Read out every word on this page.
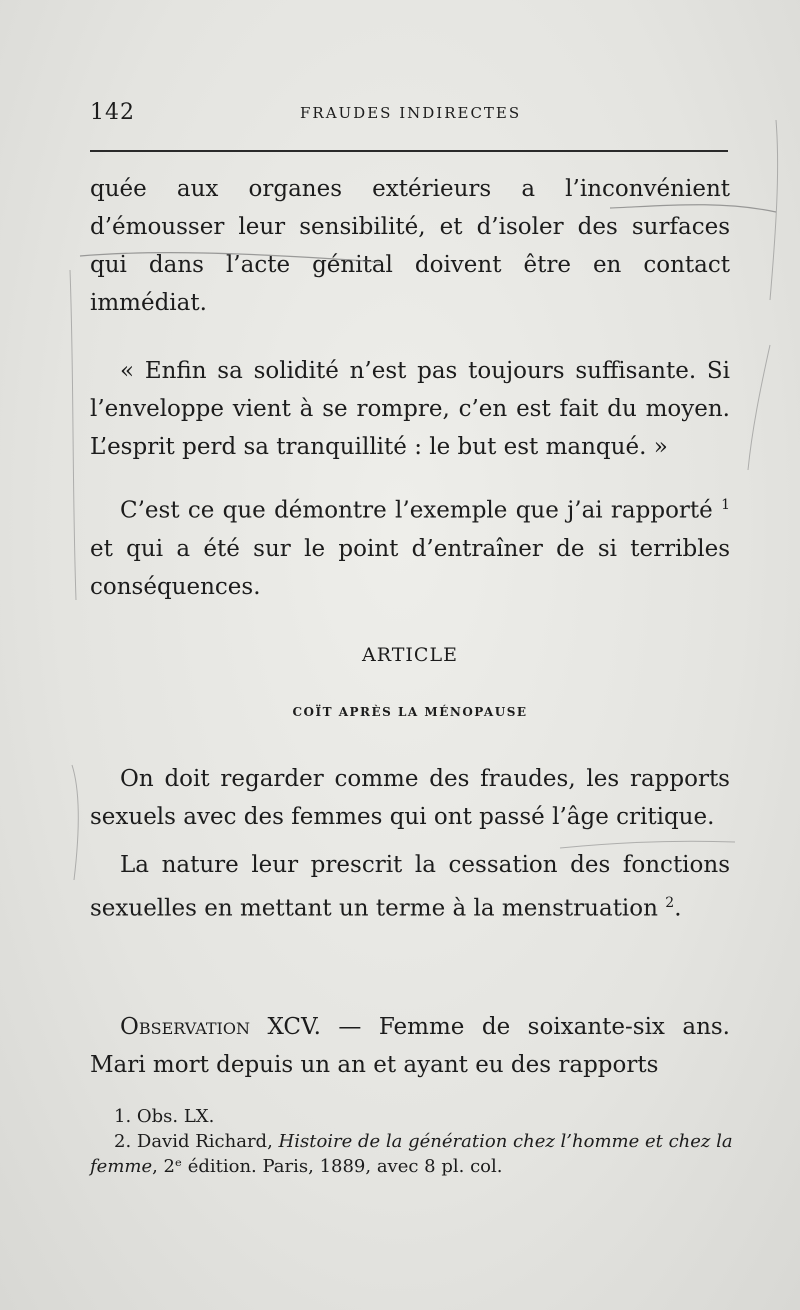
142	FRAUDES INDIRECTES

quée aux organes extérieurs a l’inconvénient d’émousser leur sensibilité, et d’isoler des surfaces qui dans l’acte génital doivent être en contact immédiat.

« Enfin sa solidité n’est pas toujours suffisante. Si l’enveloppe vient à se rompre, c’en est fait du moyen. L’esprit perd sa tranquillité : le but est manqué. »

C’est ce que démontre l’exemple que j’ai rapporté $^1$ et qui a été sur le point d’entraîner de si terribles conséquences.

ARTICLE
COÏT APRÈS LA MÉNOPAUSE

On doit regarder comme des fraudes, les rapports sexuels avec des femmes qui ont passé l’âge critique.

La nature leur prescrit la cessation des fonctions sexuelles en mettant un terme à la menstruation $^2$.

Observation XCV. — Femme de soixante-six ans. Mari mort depuis un an et ayant eu des rapports

1. Obs. LX.

2. David Richard, Histoire de la génération chez l’homme et chez la femme, 2ᵉ édition. Paris, 1889, avec 8 pl. col.
